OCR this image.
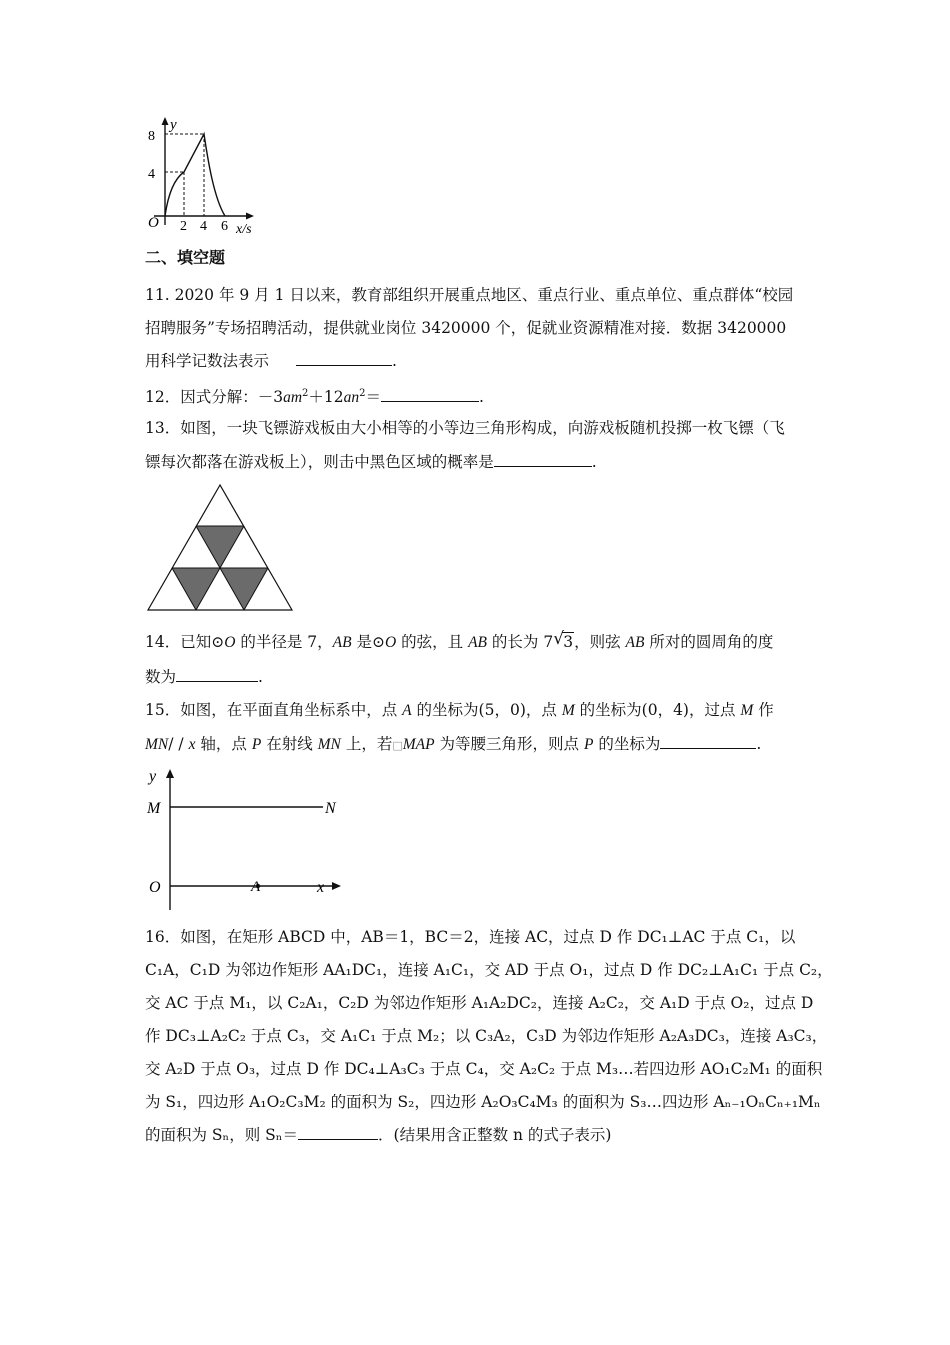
y
8
4
O 2 4 6 x/s
二、填空题
11. 2020 年 9 月 1 日以来，教育部组织开展重点地区、重点行业、重点单位、重点群体“校园
招聘服务”专场招聘活动，提供就业岗位 3420000 个，促就业资源精准对接．数据 3420000
用科学记数法表示	.
12．因式分解：$-3am^2+12an^2=$	.
13．如图，一块飞镖游戏板由大小相等的小等边三角形构成，向游戏板随机投掷一枚飞镖（飞
镖每次都落在游戏板上），则击中黑色区域的概率是	.
14．已知⊙O 的半径是 7，AB 是⊙O 的弦，且 AB 的长为 7 √ 3，则弦 AB 所对的圆周角的度
数为	.
15．如图，在平面直角坐标系中，点 A 的坐标为(5，0)，点 M 的坐标为(0，4)，过点 M 作
MN/ / x 轴，点 P 在射线 MN 上，若□MAP 为等腰三角形，则点 P 的坐标为	.
y
M	N
O	A	x
16．如图，在矩形 ABCD 中，AB＝1，BC＝2，连接 AC，过点 D 作 DC₁⊥AC 于点 C₁，以
C₁A，C₁D 为邻边作矩形 AA₁DC₁，连接 A₁C₁，交 AD 于点 O₁，过点 D 作 DC₂⊥A₁C₁ 于点 C₂，
交 AC 于点 M₁，以 C₂A₁，C₂D 为邻边作矩形 A₁A₂DC₂，连接 A₂C₂，交 A₁D 于点 O₂，过点 D
作 DC₃⊥A₂C₂ 于点 C₃，交 A₁C₁ 于点 M₂；以 C₃A₂，C₃D 为邻边作矩形 A₂A₃DC₃，连接 A₃C₃，
交 A₂D 于点 O₃，过点 D 作 DC₄⊥A₃C₃ 于点 C₄，交 A₂C₂ 于点 M₃…若四边形 AO₁C₂M₁ 的面积
为 S₁，四边形 A₁O₂C₃M₂ 的面积为 S₂，四边形 A₂O₃C₄M₃ 的面积为 S₃…四边形 Aₙ₋₁OₙCₙ₊₁Mₙ
的面积为 Sₙ，则 Sₙ＝	．(结果用含正整数 n 的式子表示)
